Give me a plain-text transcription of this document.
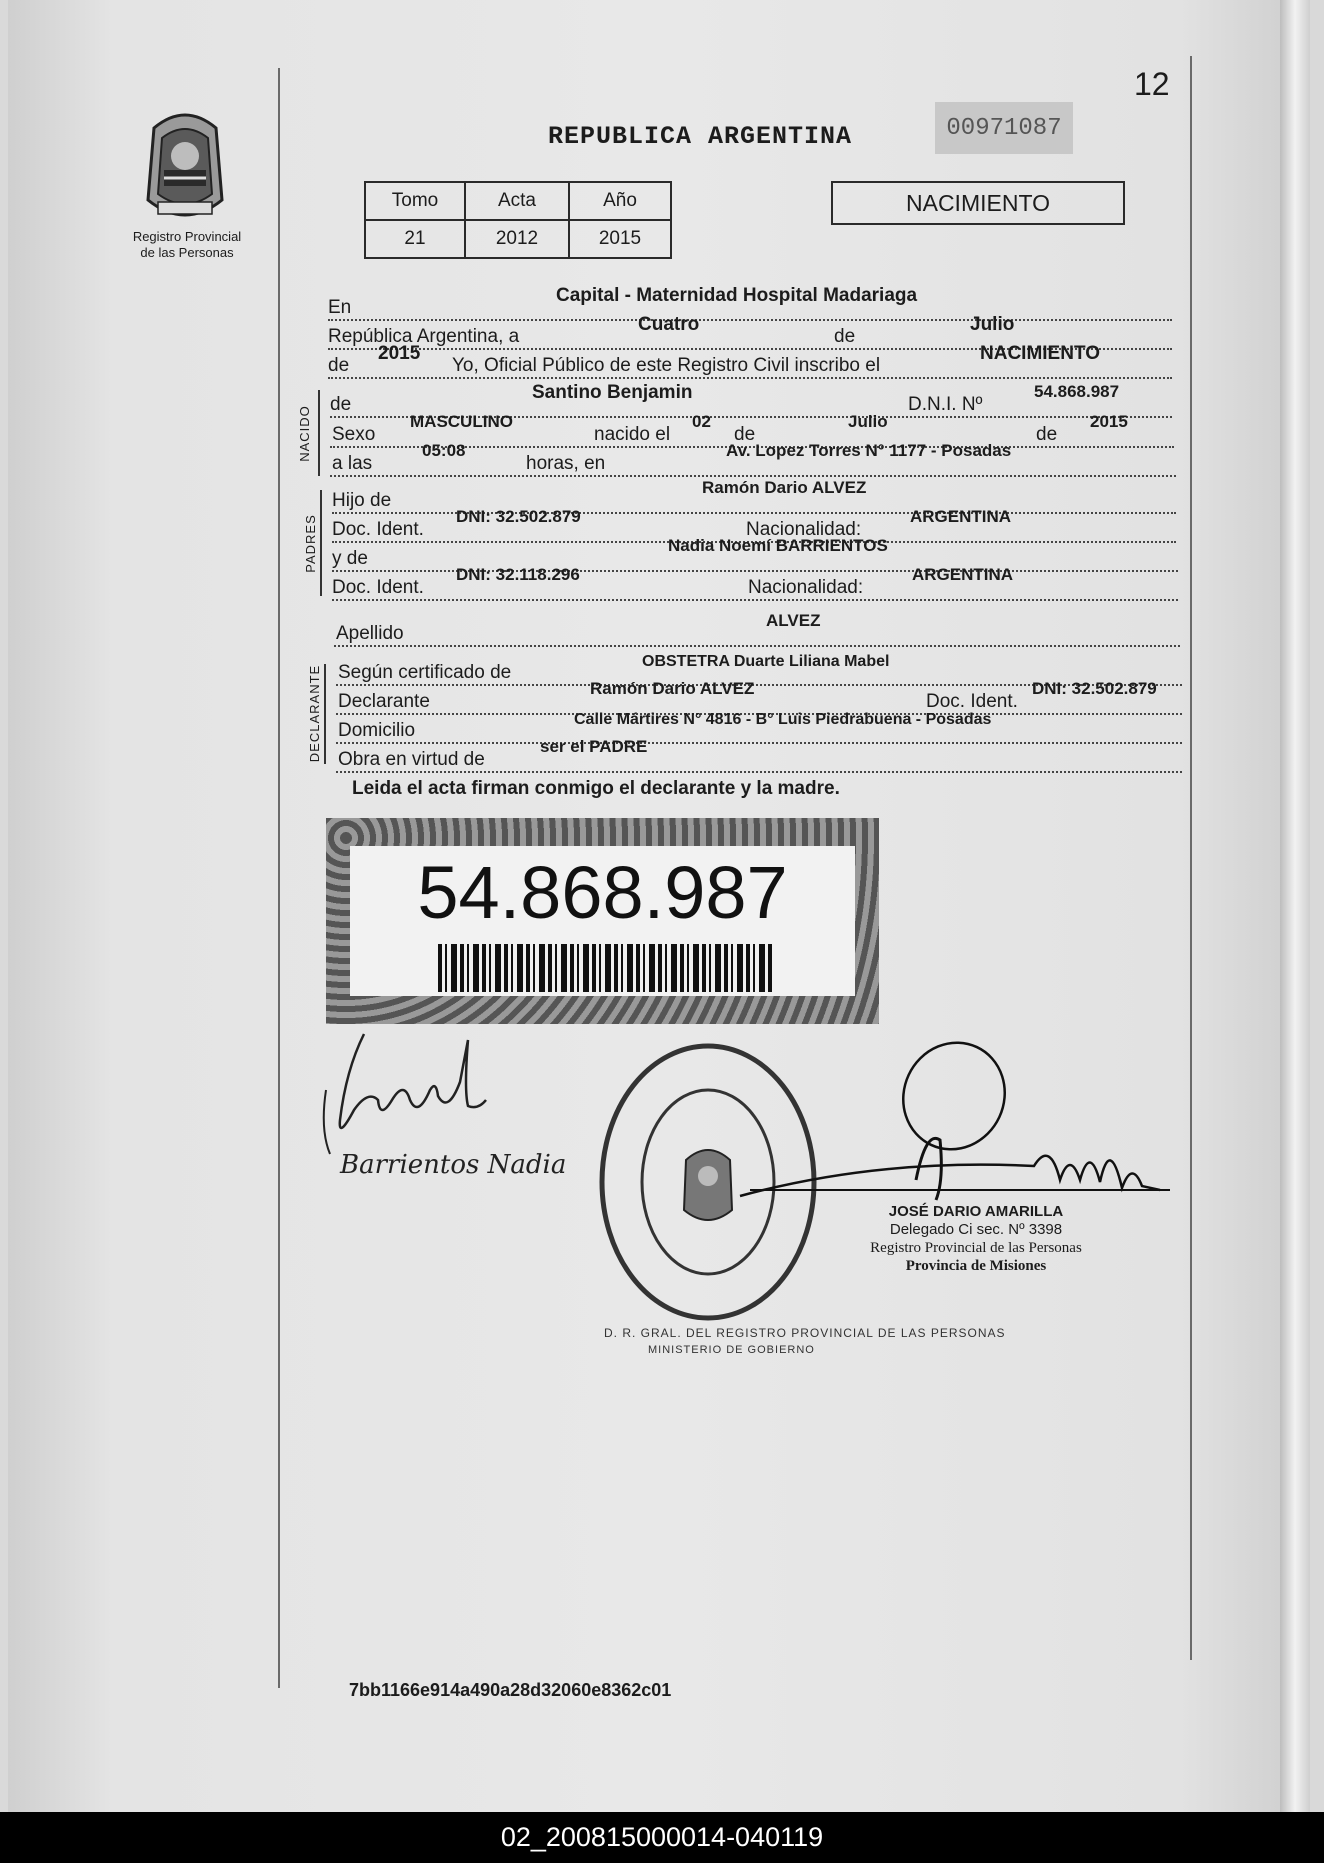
12
Registro Provincial
de las Personas
REPUBLICA ARGENTINA	00971087
Tomo	Acta	Año
21	2012	2015
NACIMIENTO
En
Capital - Maternidad Hospital Madariaga
República Argentina, a
Cuatro
de
Julio
de
2015
Yo, Oficial Público de este Registro Civil inscribo el
NACIMIENTO
NACIDO
de
Santino Benjamin
D.N.I. Nº
54.868.987
Sexo
MASCULINO
nacido el
02
de
Julio
de
2015
a las
05:08
horas, en
Av. Lopez Torres N° 1177 - Posadas
PADRES
Hijo de
Ramón Dario ALVEZ
Doc. Ident.
DNI: 32.502.879
Nacionalidad:
ARGENTINA
y de
Nadia Noemí BARRIENTOS
Doc. Ident.
DNI: 32.118.296
Nacionalidad:
ARGENTINA
Apellido
ALVEZ
DECLARANTE Según certificado de
OBSTETRA Duarte Liliana Mabel
Declarante
Ramón Dario ALVEZ
Doc. Ident.
DNI: 32.502.879
Domicilio
Calle Mártires N° 4816 - B° Luis Piedrabuena - Posadas
Obra en virtud de
ser el PADRE
Leida el acta firman conmigo el declarante y la madre.
54.868.987
Barrientos Nadia
D. R. GRAL. DEL REGISTRO PROVINCIAL DE LAS PERSONAS
MINISTERIO DE GOBIERNO
JOSÉ DARIO AMARILLA
Delegado Ci sec. Nº 3398
Registro Provincial de las Personas
Provincia de Misiones
7bb1166e914a490a28d32060e8362c01
02_200815000014-040119
